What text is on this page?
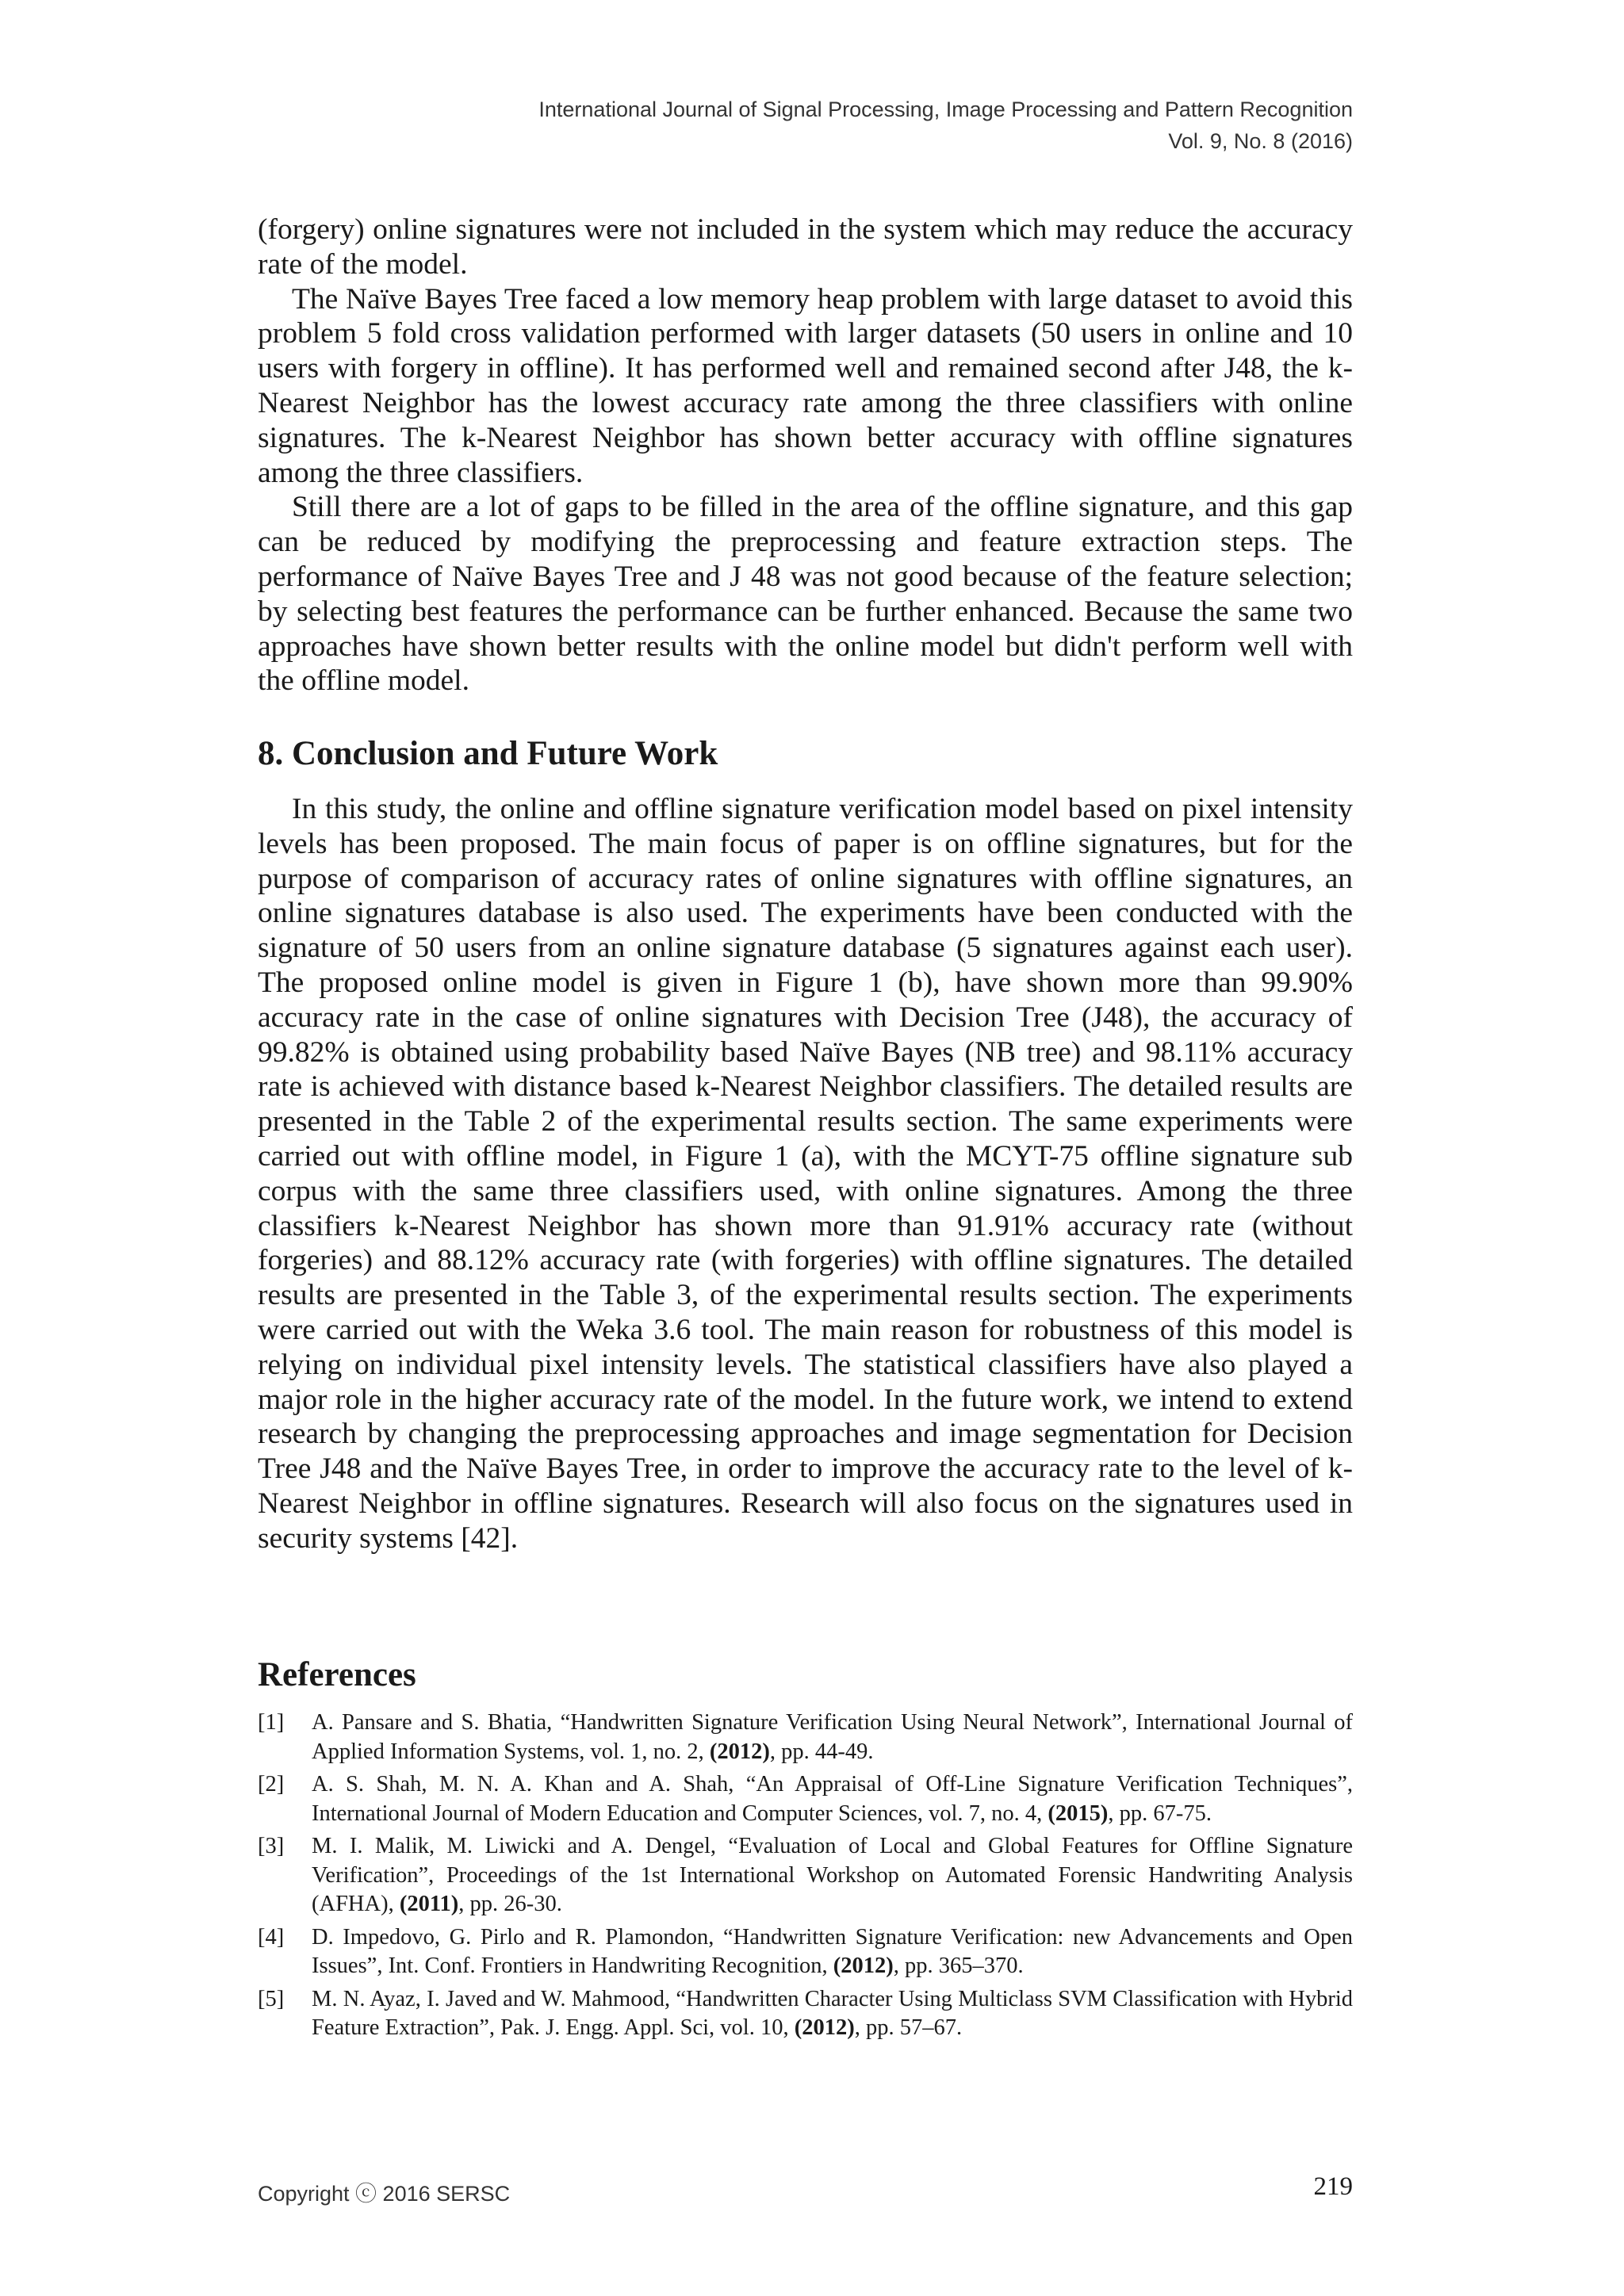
International Journal of Signal Processing, Image Processing and Pattern Recognition
Vol. 9, No. 8 (2016)

(forgery) online signatures were not included in the system which may reduce the accuracy rate of the model.

The Naïve Bayes Tree faced a low memory heap problem with large dataset to avoid this problem 5 fold cross validation performed with larger datasets (50 users in online and 10 users with forgery in offline). It has performed well and remained second after J48, the k-Nearest Neighbor has the lowest accuracy rate among the three classifiers with online signatures. The k-Nearest Neighbor has shown better accuracy with offline signatures among the three classifiers.

Still there are a lot of gaps to be filled in the area of the offline signature, and this gap can be reduced by modifying the preprocessing and feature extraction steps. The performance of Naïve Bayes Tree and J 48 was not good because of the feature selection; by selecting best features the performance can be further enhanced. Because the same two approaches have shown better results with the online model but didn't perform well with the offline model.

8. Conclusion and Future Work

In this study, the online and offline signature verification model based on pixel intensity levels has been proposed. The main focus of paper is on offline signatures, but for the purpose of comparison of accuracy rates of online signatures with offline signatures, an online signatures database is also used. The experiments have been conducted with the signature of 50 users from an online signature database (5 signatures against each user). The proposed online model is given in Figure 1 (b), have shown more than 99.90% accuracy rate in the case of online signatures with Decision Tree (J48), the accuracy of 99.82% is obtained using probability based Naïve Bayes (NB tree) and 98.11% accuracy rate is achieved with distance based k-Nearest Neighbor classifiers. The detailed results are presented in the Table 2 of the experimental results section. The same experiments were carried out with offline model, in Figure 1 (a), with the MCYT-75 offline signature sub corpus with the same three classifiers used, with online signatures. Among the three classifiers k-Nearest Neighbor has shown more than 91.91% accuracy rate (without forgeries) and 88.12% accuracy rate (with forgeries) with offline signatures. The detailed results are presented in the Table 3, of the experimental results section. The experiments were carried out with the Weka 3.6 tool. The main reason for robustness of this model is relying on individual pixel intensity levels. The statistical classifiers have also played a major role in the higher accuracy rate of the model. In the future work, we intend to extend research by changing the preprocessing approaches and image segmentation for Decision Tree J48 and the Naïve Bayes Tree, in order to improve the accuracy rate to the level of k-Nearest Neighbor in offline signatures. Research will also focus on the signatures used in security systems [42].

References
[1]	A. Pansare and S. Bhatia, “Handwritten Signature Verification Using Neural Network”, International Journal of Applied Information Systems, vol. 1, no. 2, (2012), pp. 44-49.
[2]	A. S. Shah, M. N. A. Khan and A. Shah, “An Appraisal of Off-Line Signature Verification Techniques”, International Journal of Modern Education and Computer Sciences, vol. 7, no. 4, (2015), pp. 67-75.
[3]	M. I. Malik, M. Liwicki and A. Dengel, “Evaluation of Local and Global Features for Offline Signature Verification”, Proceedings of the 1st International Workshop on Automated Forensic Handwriting Analysis (AFHA), (2011), pp. 26-30.
[4]	D. Impedovo, G. Pirlo and R. Plamondon, “Handwritten Signature Verification: new Advancements and Open Issues”, Int. Conf. Frontiers in Handwriting Recognition, (2012), pp. 365–370.
[5]	M. N. Ayaz, I. Javed and W. Mahmood, “Handwritten Character Using Multiclass SVM Classification with Hybrid Feature Extraction”, Pak. J. Engg. Appl. Sci, vol. 10, (2012), pp. 57–67.
Copyright ⓒ 2016 SERSC	219
